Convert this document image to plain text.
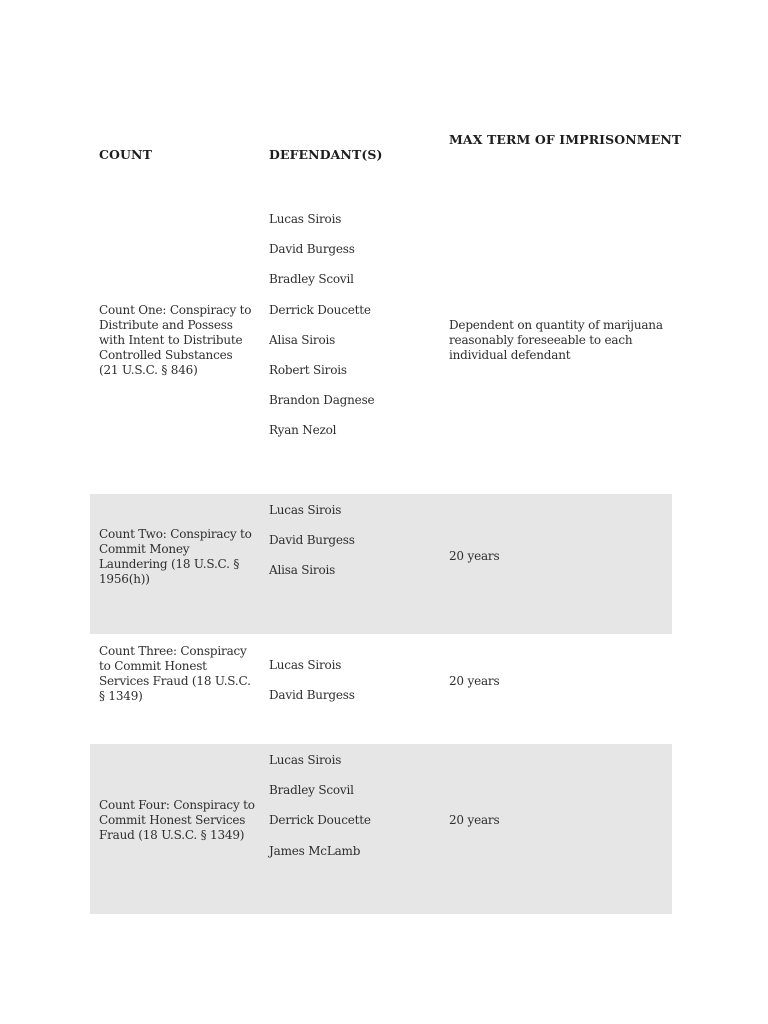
COUNT	DEFENDANT(S)
MAX TERM OF IMPRISONMENT
Count One: Conspiracy to Distribute and Possess with Intent to Distribute Controlled Substances (21 U.S.C. § 846)
Lucas Sirois
David Burgess
Bradley Scovil
Derrick Doucette
Alisa Sirois
Robert Sirois
Brandon Dagnese
Ryan Nezol
Dependent on quantity of marijuana reasonably foreseeable to each individual defendant
Count Two: Conspiracy to Commit Money Laundering (18 U.S.C. § 1956(h))
Lucas Sirois
David Burgess
Alisa Sirois
20 years
Count Three: Conspiracy to Commit Honest Services Fraud (18 U.S.C. § 1349)
Lucas Sirois
David Burgess
20 years
Count Four: Conspiracy to Commit Honest Services Fraud (18 U.S.C. § 1349)
Lucas Sirois
Bradley Scovil
Derrick Doucette
James McLamb
20 years
